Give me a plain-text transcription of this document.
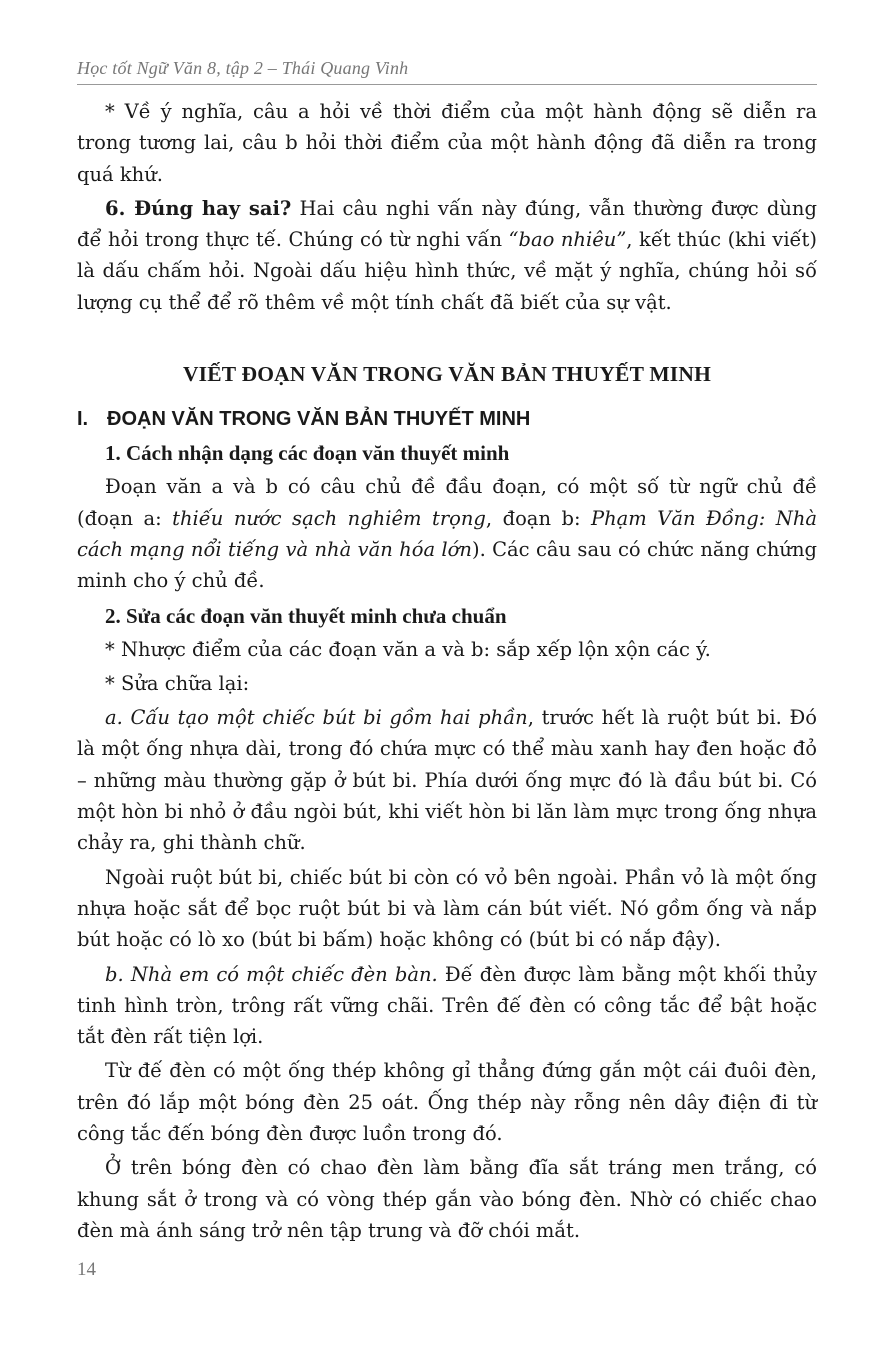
Học tốt Ngữ Văn 8, tập 2 – Thái Quang Vinh

* Về ý nghĩa, câu a hỏi về thời điểm của một hành động sẽ diễn ra trong tương lai, câu b hỏi thời điểm của một hành động đã diễn ra trong quá khứ.

6. Đúng hay sai? Hai câu nghi vấn này đúng, vẫn thường được dùng để hỏi trong thực tế. Chúng có từ nghi vấn “bao nhiêu”, kết thúc (khi viết) là dấu chấm hỏi. Ngoài dấu hiệu hình thức, về mặt ý nghĩa, chúng hỏi số lượng cụ thể để rõ thêm về một tính chất đã biết của sự vật.

VIẾT ĐOẠN VĂN TRONG VĂN BẢN THUYẾT MINH
I. ĐOẠN VĂN TRONG VĂN BẢN THUYẾT MINH
1. Cách nhận dạng các đoạn văn thuyết minh

Đoạn văn a và b có câu chủ đề đầu đoạn, có một số từ ngữ chủ đề (đoạn a: thiếu nước sạch nghiêm trọng, đoạn b: Phạm Văn Đồng: Nhà cách mạng nổi tiếng và nhà văn hóa lớn). Các câu sau có chức năng chứng minh cho ý chủ đề.

2. Sửa các đoạn văn thuyết minh chưa chuẩn

* Nhược điểm của các đoạn văn a và b: sắp xếp lộn xộn các ý.

* Sửa chữa lại:

a. Cấu tạo một chiếc bút bi gồm hai phần, trước hết là ruột bút bi. Đó là một ống nhựa dài, trong đó chứa mực có thể màu xanh hay đen hoặc đỏ – những màu thường gặp ở bút bi. Phía dưới ống mực đó là đầu bút bi. Có một hòn bi nhỏ ở đầu ngòi bút, khi viết hòn bi lăn làm mực trong ống nhựa chảy ra, ghi thành chữ.

Ngoài ruột bút bi, chiếc bút bi còn có vỏ bên ngoài. Phần vỏ là một ống nhựa hoặc sắt để bọc ruột bút bi và làm cán bút viết. Nó gồm ống và nắp bút hoặc có lò xo (bút bi bấm) hoặc không có (bút bi có nắp đậy).

b. Nhà em có một chiếc đèn bàn. Đế đèn được làm bằng một khối thủy tinh hình tròn, trông rất vững chãi. Trên đế đèn có công tắc để bật hoặc tắt đèn rất tiện lợi.

Từ đế đèn có một ống thép không gỉ thẳng đứng gắn một cái đuôi đèn, trên đó lắp một bóng đèn 25 oát. Ống thép này rỗng nên dây điện đi từ công tắc đến bóng đèn được luồn trong đó.

Ở trên bóng đèn có chao đèn làm bằng đĩa sắt tráng men trắng, có khung sắt ở trong và có vòng thép gắn vào bóng đèn. Nhờ có chiếc chao đèn mà ánh sáng trở nên tập trung và đỡ chói mắt.

14
